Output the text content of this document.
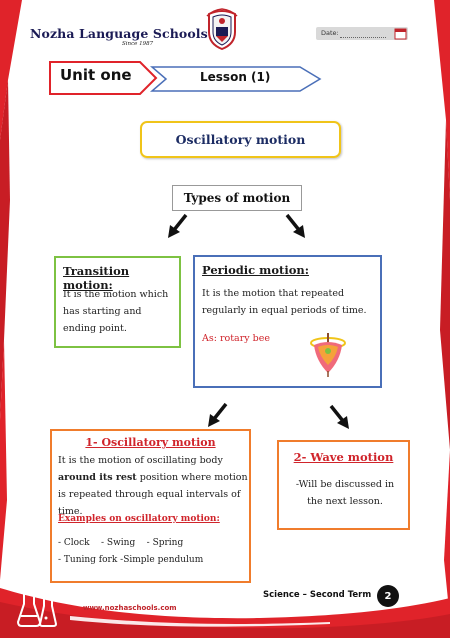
Nozha Language Schools
Since 1987
Date:
Unit one	Lesson (1)
Oscillatory motion
Types of motion
Transition motion:
It is the motion which has starting and ending point.
Periodic motion:
It is the motion that repeated regularly in equal periods of time.
As: rotary bee
1- Oscillatory motion
It is the motion of oscillating body around its rest position where motion is repeated through equal intervals of time.
Examples on oscillatory motion:
- Clock    - Swing    - Spring
- Tuning fork -Simple pendulum
2- Wave motion
-Will be discussed in the next lesson.
Science – Second Term	2
www.nozhaschools.com
